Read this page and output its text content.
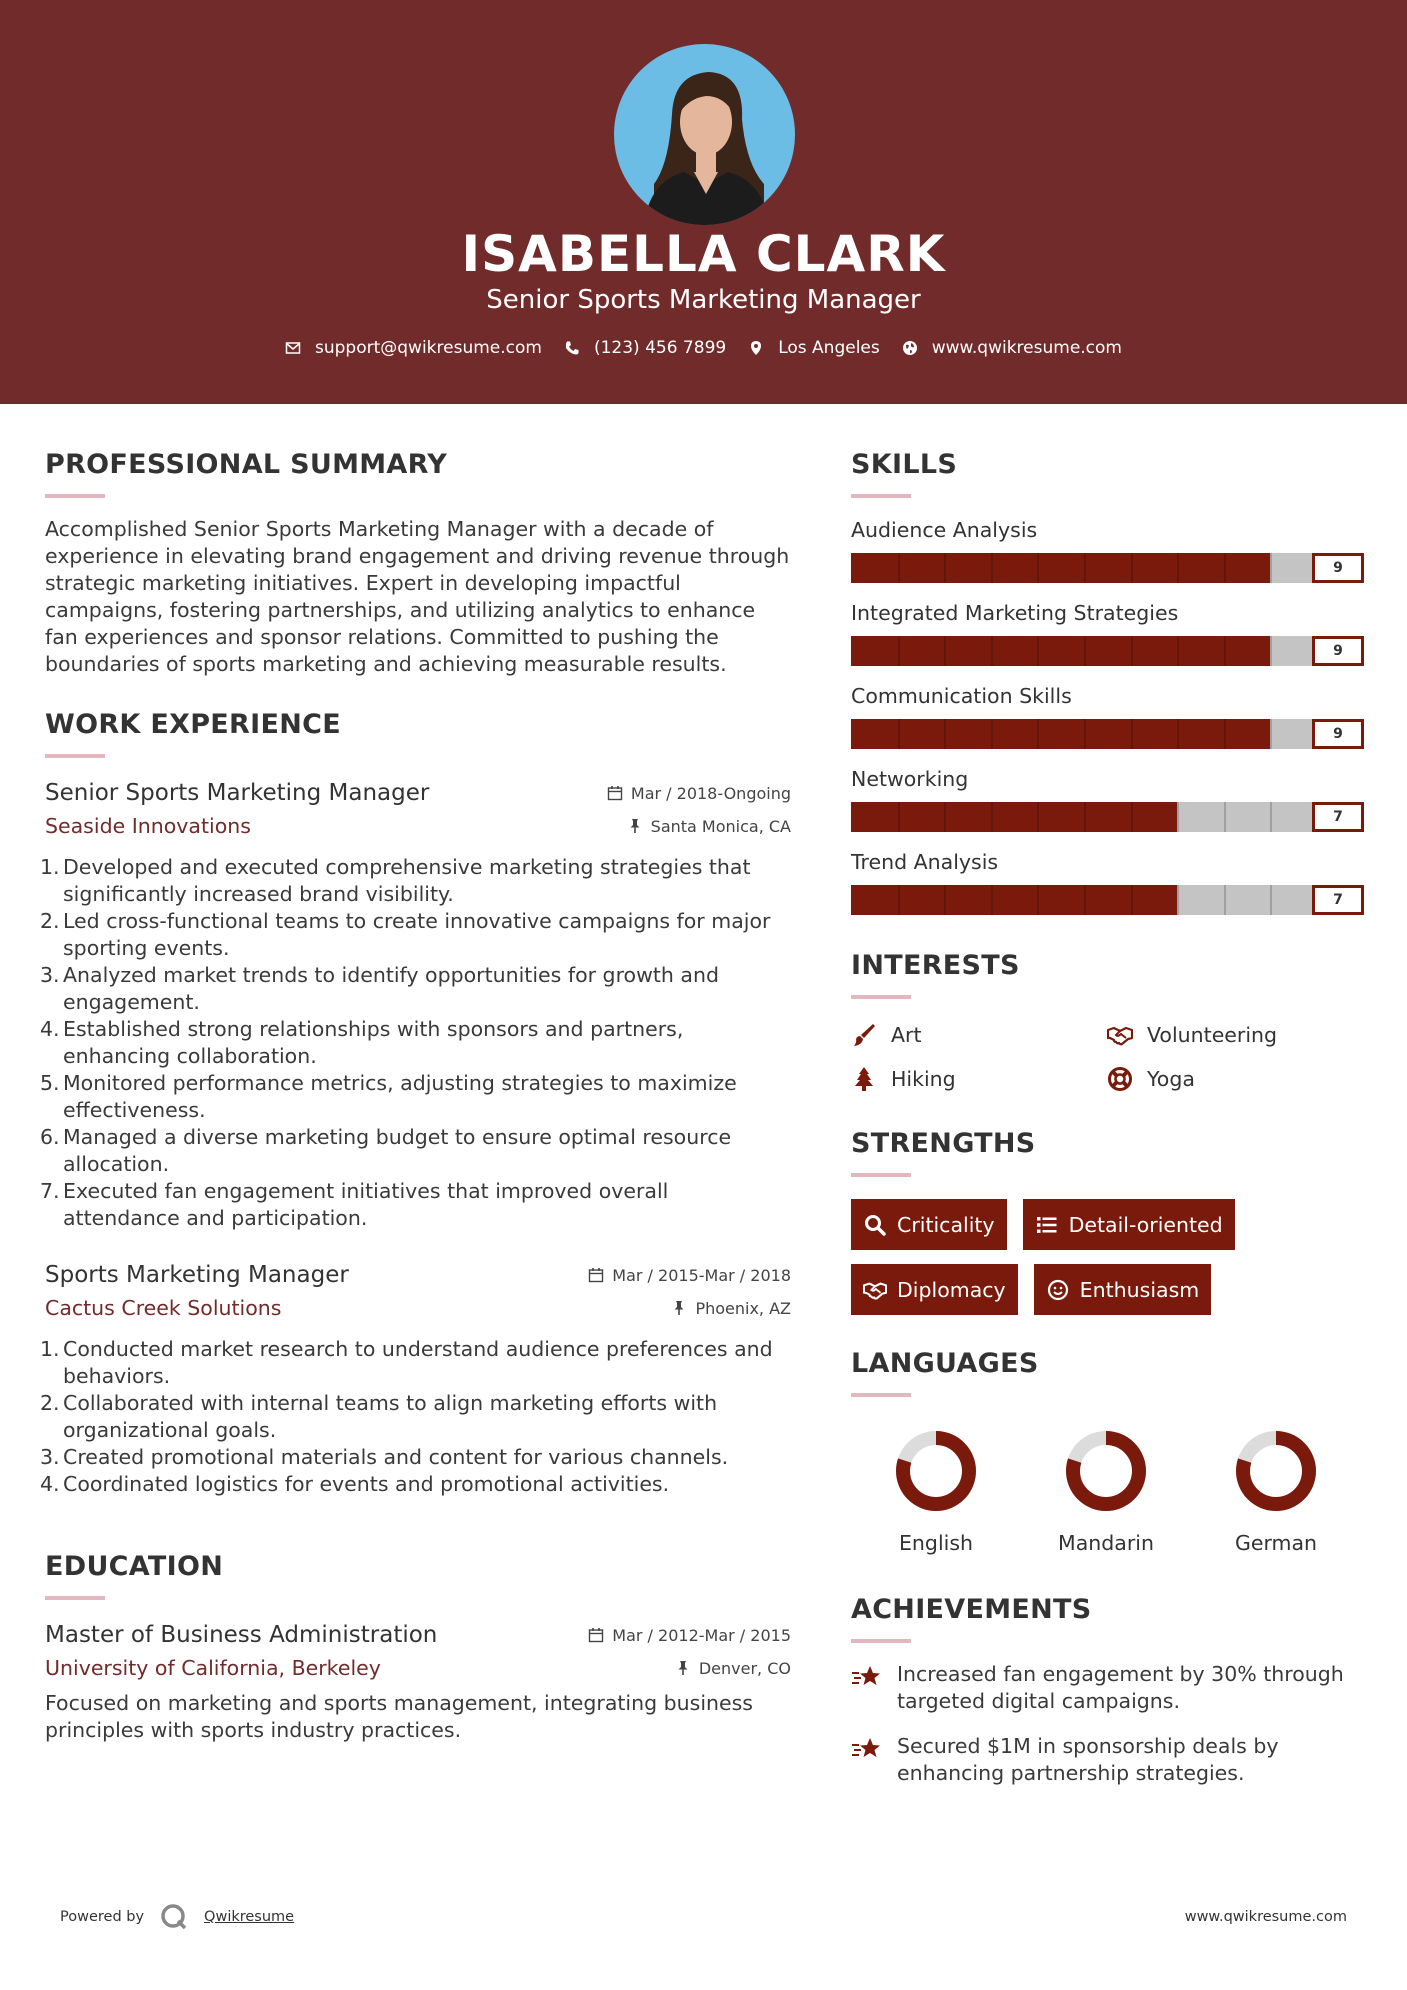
ISABELLA CLARK
Senior Sports Marketing Manager
support@qwikresume.com	(123) 456 7899	Los Angeles	www.qwikresume.com
PROFESSIONAL SUMMARY
Accomplished Senior Sports Marketing Manager with a decade of experience in elevating brand engagement and driving revenue through strategic marketing initiatives. Expert in developing impactful campaigns, fostering partnerships, and utilizing analytics to enhance fan experiences and sponsor relations. Committed to pushing the boundaries of sports marketing and achieving measurable results.
WORK EXPERIENCE
Senior Sports Marketing Manager	Mar / 2018-Ongoing
Seaside Innovations	Santa Monica, CA
1. Developed and executed comprehensive marketing strategies that significantly increased brand visibility.
2. Led cross-functional teams to create innovative campaigns for major sporting events.
3. Analyzed market trends to identify opportunities for growth and engagement.
4. Established strong relationships with sponsors and partners, enhancing collaboration.
5. Monitored performance metrics, adjusting strategies to maximize effectiveness.
6. Managed a diverse marketing budget to ensure optimal resource allocation.
7. Executed fan engagement initiatives that improved overall attendance and participation.
Sports Marketing Manager	Mar / 2015-Mar / 2018
Cactus Creek Solutions	Phoenix, AZ
1. Conducted market research to understand audience preferences and behaviors.
2. Collaborated with internal teams to align marketing efforts with organizational goals.
3. Created promotional materials and content for various channels.
4. Coordinated logistics for events and promotional activities.
EDUCATION
Master of Business Administration	Mar / 2012-Mar / 2015
University of California, Berkeley	Denver, CO
Focused on marketing and sports management, integrating business principles with sports industry practices.
SKILLS
Audience Analysis
9
Integrated Marketing Strategies
9
Communication Skills
9
Networking
7
Trend Analysis
7
INTERESTS
Art	Volunteering
Hiking	Yoga
STRENGTHS
Criticality	Detail-oriented
Diplomacy	Enthusiasm
LANGUAGES
English	Mandarin	German
ACHIEVEMENTS
Increased fan engagement by 30% through targeted digital campaigns.
Secured $1M in sponsorship deals by enhancing partnership strategies.
Powered by	Qwikresume	www.qwikresume.com
